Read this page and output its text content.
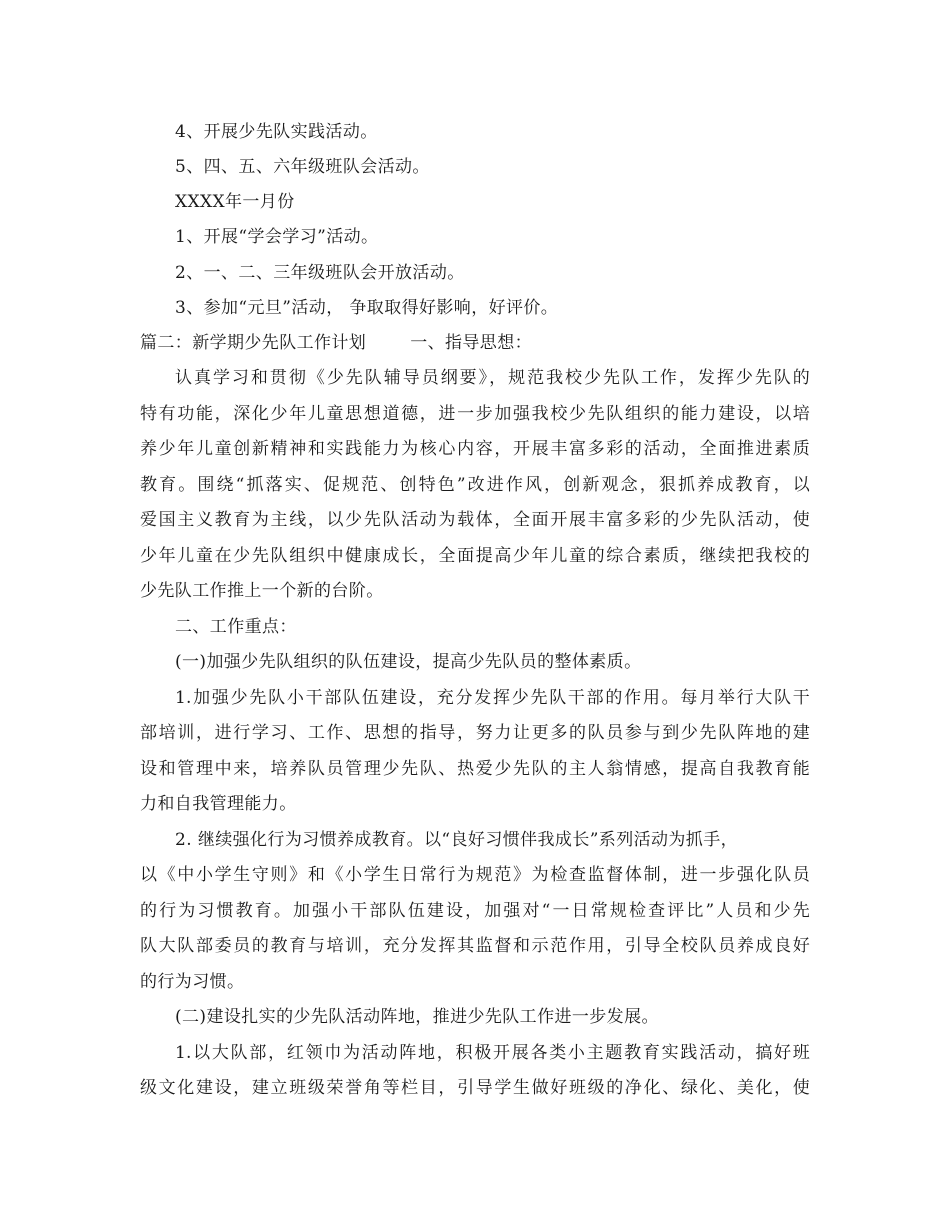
4、开展少先队实践活动。
5、四、五、六年级班队会活动。
XXXX年一月份
1、开展“学会学习”活动。
2、一、二、三年级班队会开放活动。
3、参加“元旦”活动， 争取取得好影响，好评价。
篇二：新学期少先队工作计划	一、指导思想：
认真学习和贯彻《少先队辅导员纲要》，规范我校少先队工作，发挥少先队的
特有功能，深化少年儿童思想道德，进一步加强我校少先队组织的能力建设，以培
养少年儿童创新精神和实践能力为核心内容，开展丰富多彩的活动，全面推进素质
教育。围绕“抓落实、促规范、创特色”改进作风，创新观念，狠抓养成教育，以
爱国主义教育为主线，以少先队活动为载体，全面开展丰富多彩的少先队活动，使
少年儿童在少先队组织中健康成长，全面提高少年儿童的综合素质，继续把我校的
少先队工作推上一个新的台阶。
二、工作重点：
(一)加强少先队组织的队伍建设，提高少先队员的整体素质。
1.加强少先队小干部队伍建设，充分发挥少先队干部的作用。每月举行大队干
部培训，进行学习、工作、思想的指导，努力让更多的队员参与到少先队阵地的建
设和管理中来，培养队员管理少先队、热爱少先队的主人翁情感，提高自我教育能
力和自我管理能力。
2. 继续强化行为习惯养成教育。以“良好习惯伴我成长”系列活动为抓手，
以《中小学生守则》和《小学生日常行为规范》为检查监督体制，进一步强化队员
的行为习惯教育。加强小干部队伍建设，加强对“一日常规检查评比”人员和少先
队大队部委员的教育与培训，充分发挥其监督和示范作用，引导全校队员养成良好
的行为习惯。
(二)建设扎实的少先队活动阵地，推进少先队工作进一步发展。
1.以大队部，红领巾为活动阵地，积极开展各类小主题教育实践活动，搞好班
级文化建设，建立班级荣誉角等栏目，引导学生做好班级的净化、绿化、美化，使
